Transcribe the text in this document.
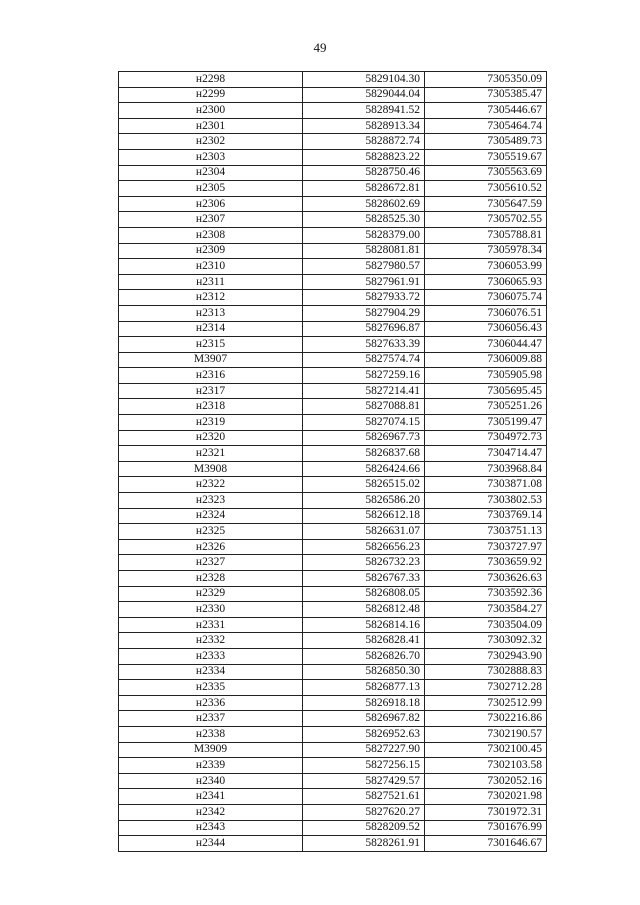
49
н2298	5829104.30	7305350.09
н2299	5829044.04	7305385.47
н2300	5828941.52	7305446.67
н2301	5828913.34	7305464.74
н2302	5828872.74	7305489.73
н2303	5828823.22	7305519.67
н2304	5828750.46	7305563.69
н2305	5828672.81	7305610.52
н2306	5828602.69	7305647.59
н2307	5828525.30	7305702.55
н2308	5828379.00	7305788.81
н2309	5828081.81	7305978.34
н2310	5827980.57	7306053.99
н2311	5827961.91	7306065.93
н2312	5827933.72	7306075.74
н2313	5827904.29	7306076.51
н2314	5827696.87	7306056.43
н2315	5827633.39	7306044.47
М3907	5827574.74	7306009.88
н2316	5827259.16	7305905.98
н2317	5827214.41	7305695.45
н2318	5827088.81	7305251.26
н2319	5827074.15	7305199.47
н2320	5826967.73	7304972.73
н2321	5826837.68	7304714.47
М3908	5826424.66	7303968.84
н2322	5826515.02	7303871.08
н2323	5826586.20	7303802.53
н2324	5826612.18	7303769.14
н2325	5826631.07	7303751.13
н2326	5826656.23	7303727.97
н2327	5826732.23	7303659.92
н2328	5826767.33	7303626.63
н2329	5826808.05	7303592.36
н2330	5826812.48	7303584.27
н2331	5826814.16	7303504.09
н2332	5826828.41	7303092.32
н2333	5826826.70	7302943.90
н2334	5826850.30	7302888.83
н2335	5826877.13	7302712.28
н2336	5826918.18	7302512.99
н2337	5826967.82	7302216.86
н2338	5826952.63	7302190.57
М3909	5827227.90	7302100.45
н2339	5827256.15	7302103.58
н2340	5827429.57	7302052.16
н2341	5827521.61	7302021.98
н2342	5827620.27	7301972.31
н2343	5828209.52	7301676.99
н2344	5828261.91	7301646.67
